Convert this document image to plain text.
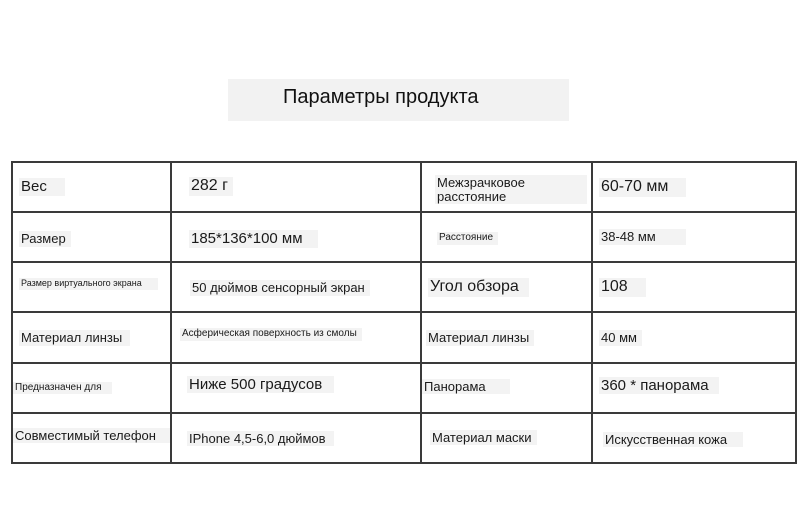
Параметры продукта
Вес	282 г	Межзрачковое расстояние	60-70 мм

Размер	185*136*100 мм	Расстояние	38-48 мм

Размер виртуального экрана	50 дюймов сенсорный экран	Угол обзора	108

Материал линзы	Асферическая поверхность из смолы	Материал линзы	40 мм

Предназначен для	Ниже 500 градусов	Панорама	360 * панорама

Совместимый телефон	IPhone 4,5-6,0 дюймов	Материал маски	Искусственная кожа
